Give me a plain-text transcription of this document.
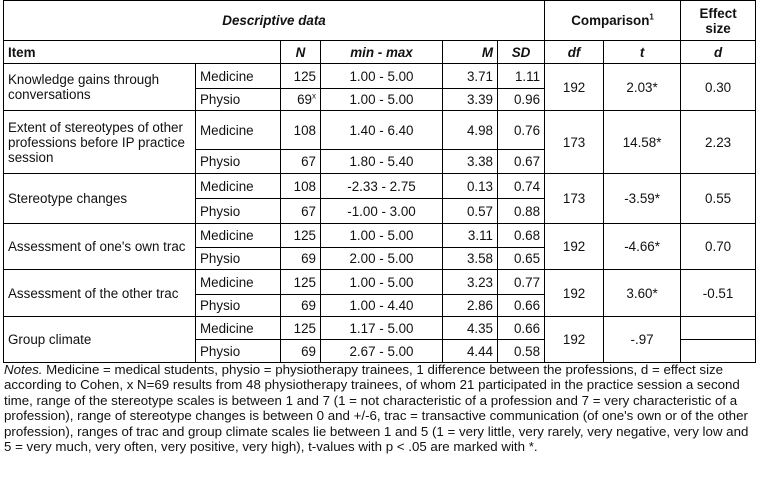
Descriptive data						Comparison$^1$		Effect
size
Item		N	min - max	M	SD	df	t	d
Knowledge gains through conversations	Medicine	125	1.00 - 5.00	3.71	1.11	192	2.03*	0.30
	Physio	69$^x$	1.00 - 5.00	3.39	0.96			
Extent of stereotypes of other professions before IP practice session	Medicine	108	1.40 - 6.40	4.98	0.76	173	14.58*	2.23
	Physio	67	1.80 - 5.40	3.38	0.67			
Stereotype changes	Medicine	108	-2.33 - 2.75	0.13	0.74	173	-3.59*	0.55
	Physio	67	-1.00 - 3.00	0.57	0.88			
Assessment of one's own trac	Medicine	125	1.00 - 5.00	3.11	0.68	192	-4.66*	0.70
	Physio	69	2.00 - 5.00	3.58	0.65			
Assessment of the other trac	Medicine	125	1.00 - 5.00	3.23	0.77	192	3.60*	-0.51
	Physio	69	1.00 - 4.40	2.86	0.66			
Group climate	Medicine	125	1.17 - 5.00	4.35	0.66	192	-.97	
	Physio	69	2.67 - 5.00	4.44	0.58			
Notes. Medicine = medical students, physio = physiotherapy trainees, 1 difference between the professions, d = effect size according to Cohen, x N=69 results from 48 physiotherapy trainees, of whom 21 participated in the practice session a second time, range of the stereotype scales is between 1 and 7 (1 = not characteristic of a profession and 7 = very characteristic of a profession), range of stereotype changes is between 0 and +/-6, trac = transactive communication (of one's own or of the other profession), ranges of trac and group climate scales lie between 1 and 5 (1 = very little, very rarely, very negative, very low and 5 = very much, very often, very positive, very high), t-values with p < .05 are marked with *.
